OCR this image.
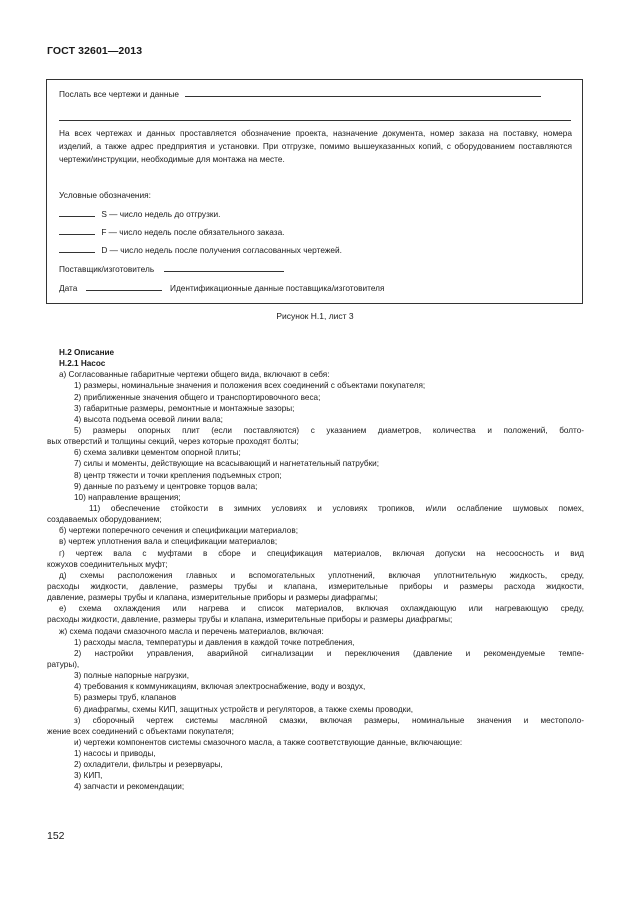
ГОСТ 32601—2013
Послать все чертежи и данные
На всех чертежах и данных проставляется обозначение проекта, назначение документа, номер заказа на поставку, номера изделий, а также адрес предприятия и установки. При отгрузке, помимо вышеуказанных копий, с оборудованием поставляются чертежи/инструкции, необходимые для монтажа на месте.
Условные обозначения:
S — число недель до отгрузки.
F — число недель после обязательного заказа.
D — число недель после получения согласованных чертежей.
Поставщик/изготовитель
Дата	Идентификационные данные поставщика/изготовителя
Рисунок Н.1, лист 3
Н.2 Описание
Н.2.1 Насос
а) Согласованные габаритные чертежи общего вида, включают в себя:
1) размеры, номинальные значения и положения всех соединений с объектами покупателя;
2) приближенные значения общего и транспортировочного веса;
3) габаритные размеры, ремонтные и монтажные зазоры;
4) высота подъема осевой линии вала;
5) размеры опорных плит (если поставляются) с указанием диаметров, количества и положений, болто-
вых отверстий и толщины секций, через которые проходят болты;
6) схема заливки цементом опорной плиты;
7) силы и моменты, действующие на всасывающий и нагнетательный патрубки;
8) центр тяжести и точки крепления подъемных строп;
9) данные по разъему и центровке торцов вала;
10) направление вращения;
11) обеспечение стойкости в зимних условиях и условиях тропиков, и/или ослабление шумовых помех,
создаваемых оборудованием;
б) чертежи поперечного сечения и спецификации материалов;
в) чертеж уплотнения вала и спецификации материалов;
г) чертеж вала с муфтами в сборе и спецификация материалов, включая допуски на несоосность и вид
кожухов соединительных муфт;
д) схемы расположения главных и вспомогательных уплотнений, включая уплотнительную жидкость, среду,
расходы жидкости, давление, размеры трубы и клапана, измерительные приборы и размеры расхода жидкости,
давление, размеры трубы и клапана, измерительные приборы и размеры диафрагмы;
е) схема охлаждения или нагрева и список материалов, включая охлаждающую или нагревающую среду,
расходы жидкости, давление, размеры трубы и клапана, измерительные приборы и размеры диафрагмы;
ж) схема подачи смазочного масла и перечень материалов, включая:
1) расходы масла, температуры и давления в каждой точке потребления,
2) настройки управления, аварийной сигнализации и переключения (давление и рекомендуемые темпе-
ратуры),
3) полные напорные нагрузки,
4) требования к коммуникациям, включая электроснабжение, воду и воздух,
5) размеры труб, клапанов
6) диафрагмы, схемы КИП, защитных устройств и регуляторов, а также схемы проводки,
з) сборочный чертеж системы масляной смазки, включая размеры, номинальные значения и местополо-
жение всех соединений с объектами покупателя;
и) чертежи компонентов системы смазочного масла, а также соответствующие данные, включающие:
1) насосы и приводы,
2) охладители, фильтры и резервуары,
3) КИП,
4) запчасти и рекомендации;
152
